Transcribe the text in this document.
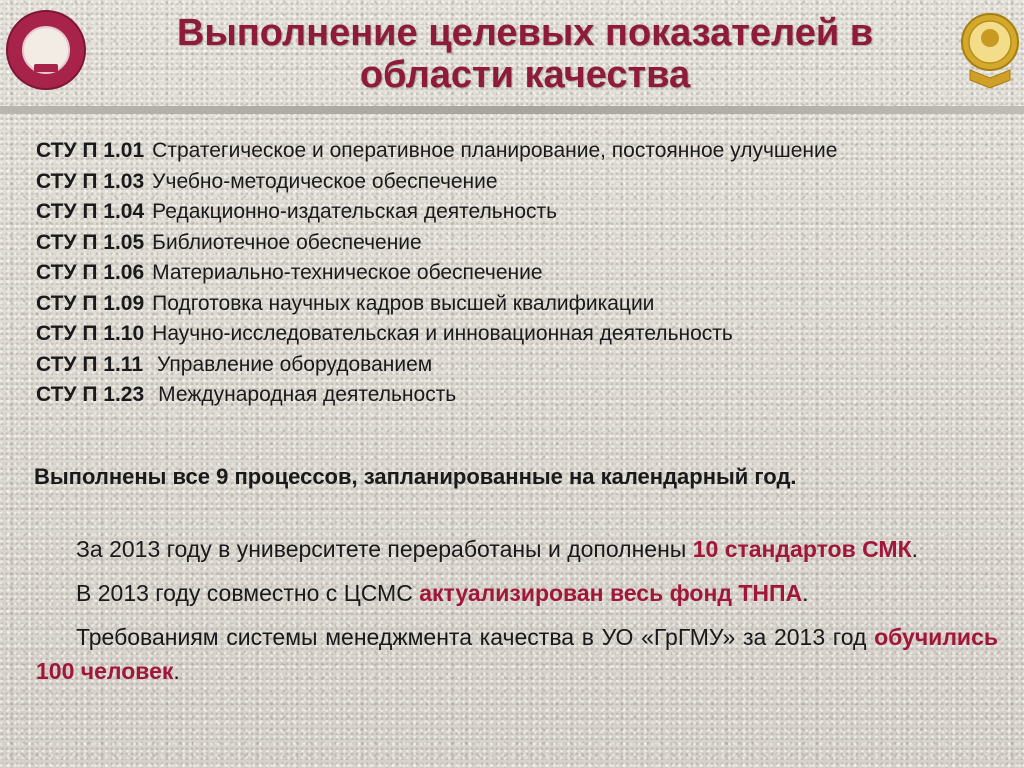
Выполнение целевых показателей в области качества
СТУ П 1.01 Стратегическое и оперативное планирование, постоянное улучшение
СТУ П 1.03 Учебно-методическое обеспечение
СТУ П 1.04 Редакционно-издательская деятельность
СТУ П 1.05 Библиотечное обеспечение
СТУ П 1.06 Материально-техническое обеспечение
СТУ П 1.09 Подготовка научных кадров высшей квалификации
СТУ П 1.10 Научно-исследовательская и инновационная деятельность
СТУ П 1.11 Управление оборудованием
СТУ П 1.23 Международная деятельность

Выполнены все 9 процессов, запланированные на календарный год.

За 2013 году в университете переработаны и дополнены 10 стандартов СМК.

В 2013 году совместно с ЦСМС актуализирован весь фонд ТНПА.

Требованиям системы менеджмента качества в УО «ГрГМУ» за 2013 год обучились 100 человек.
